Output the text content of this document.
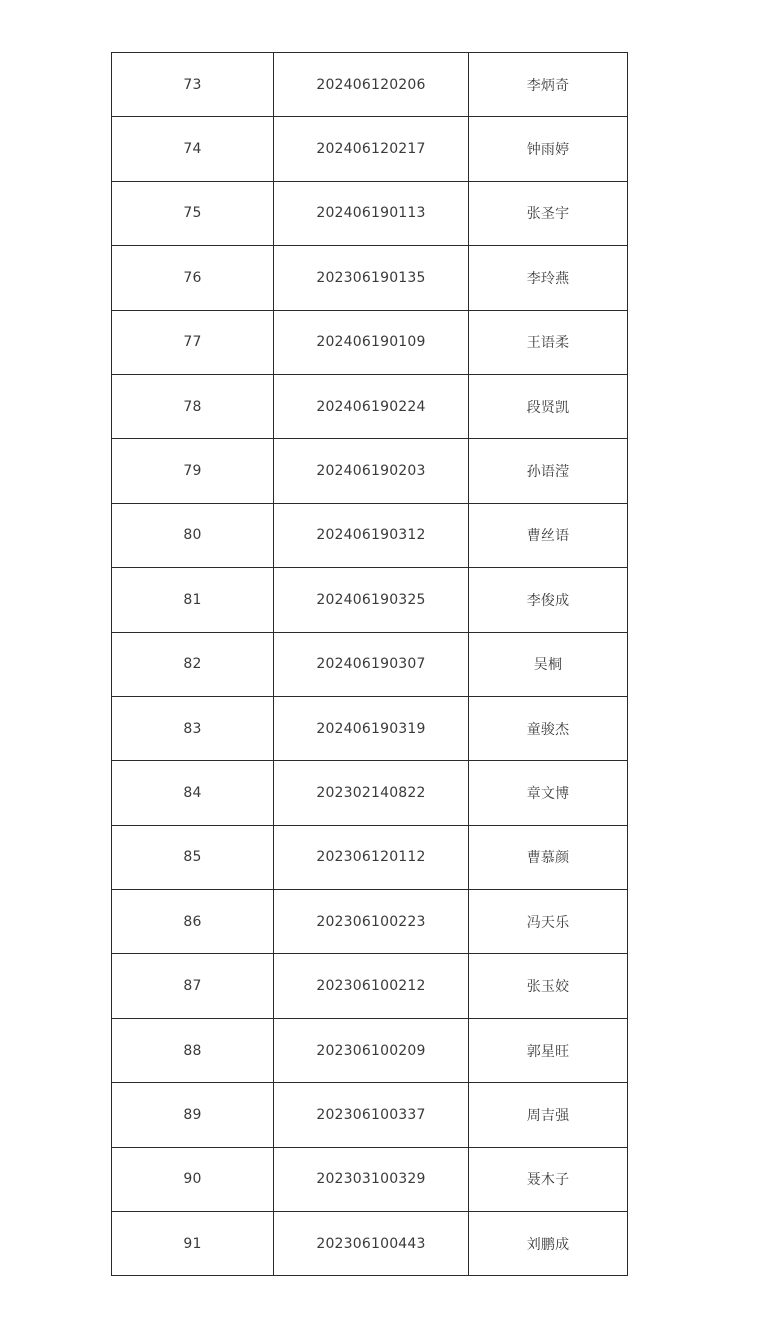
73	202406120206	李炳奇
74	202406120217	钟雨婷
75	202406190113	张圣宇
76	202306190135	李玲燕
77	202406190109	王语柔
78	202406190224	段贤凯
79	202406190203	孙语滢
80	202406190312	曹丝语
81	202406190325	李俊成
82	202406190307	吴桐
83	202406190319	童骏杰
84	202302140822	章文博
85	202306120112	曹慕颜
86	202306100223	冯天乐
87	202306100212	张玉姣
88	202306100209	郭星旺
89	202306100337	周吉强
90	202303100329	聂木子
91	202306100443	刘鹏成
